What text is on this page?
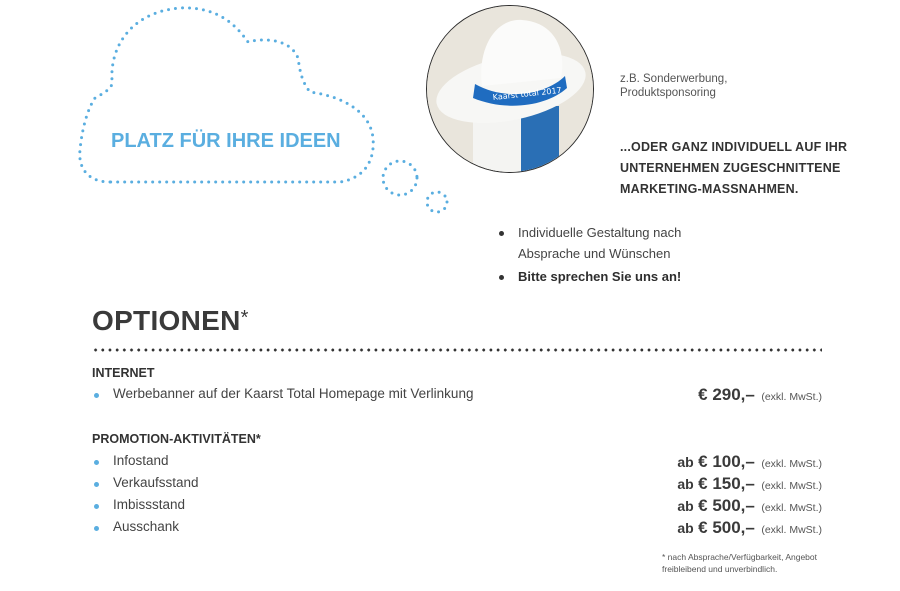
PLATZ FÜR IHRE IDEEN
Kaarst total 2017
z.B. Sonderwerbung,
Produktsponsoring
...ODER GANZ INDIVIDUELL AUF IHR
UNTERNEHMEN ZUGESCHNITTENE
MARKETING-MASSNAHMEN.
Individuelle Gestaltung nach
Absprache und Wünschen
Bitte sprechen Sie uns an!
OPTIONEN*
INTERNET
Werbebanner auf der Kaarst Total Homepage mit Verlinkung	€ 290,– (exkl. MwSt.)
PROMOTION-AKTIVITÄTEN*
Infostand	ab € 100,– (exkl. MwSt.)
Verkaufsstand	ab € 150,– (exkl. MwSt.)
Imbissstand	ab € 500,– (exkl. MwSt.)
Ausschank	ab € 500,– (exkl. MwSt.)
* nach Absprache/Verfügbarkeit, Angebot
freibleibend und unverbindlich.
